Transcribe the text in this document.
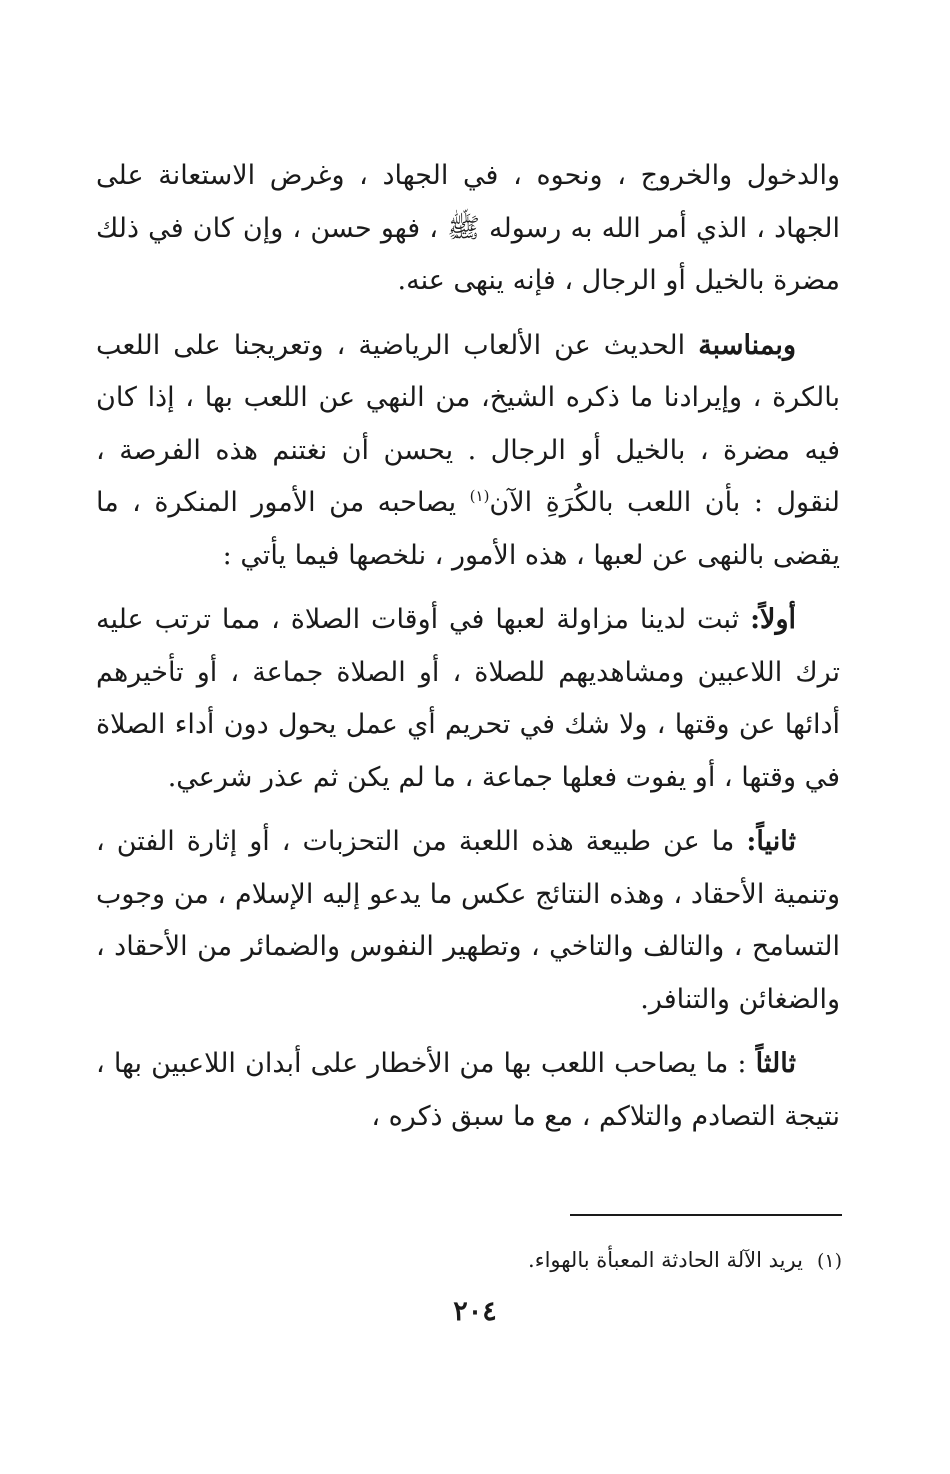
والدخول والخروج ، ونحوه ، في الجهاد ، وغرض الاستعانة على الجهاد ، الذي أمر الله به رسوله ﷺ ، فهو حسن ، وإن كان في ذلك مضرة بالخيل أو الرجال ، فإنه ينهى عنه.

وبمناسبة الحديث عن الألعاب الرياضية ، وتعريجنا على اللعب بالكرة ، وإيرادنا ما ذكره الشيخ، من النهي عن اللعب بها ، إذا كان فيه مضرة ، بالخيل أو الرجال . يحسن أن نغتنم هذه الفرصة ، لنقول : بأن اللعب بالكُرَةِ الآن$^{(١)}$ يصاحبه من الأمور المنكرة ، ما يقضى بالنهى عن لعبها ، هذه الأمور ، نلخصها فيما يأتي :

أولاً: ثبت لدينا مزاولة لعبها في أوقات الصلاة ، مما ترتب عليه ترك اللاعبين ومشاهديهم للصلاة ، أو الصلاة جماعة ، أو تأخيرهم أدائها عن وقتها ، ولا شك في تحريم أي عمل يحول دون أداء الصلاة في وقتها ، أو يفوت فعلها جماعة ، ما لم يكن ثم عذر شرعي.

ثانياً: ما عن طبيعة هذه اللعبة من التحزبات ، أو إثارة الفتن ، وتنمية الأحقاد ، وهذه النتائج عكس ما يدعو إليه الإسلام ، من وجوب التسامح ، والتالف والتاخي ، وتطهير النفوس والضمائر من الأحقاد ، والضغائن والتنافر.

ثالثاً : ما يصاحب اللعب بها من الأخطار على أبدان اللاعبين بها ، نتيجة التصادم والتلاكم ، مع ما سبق ذكره ،

(١)يريد الآلة الحادثة المعبأة بالهواء.
٢٠٤
